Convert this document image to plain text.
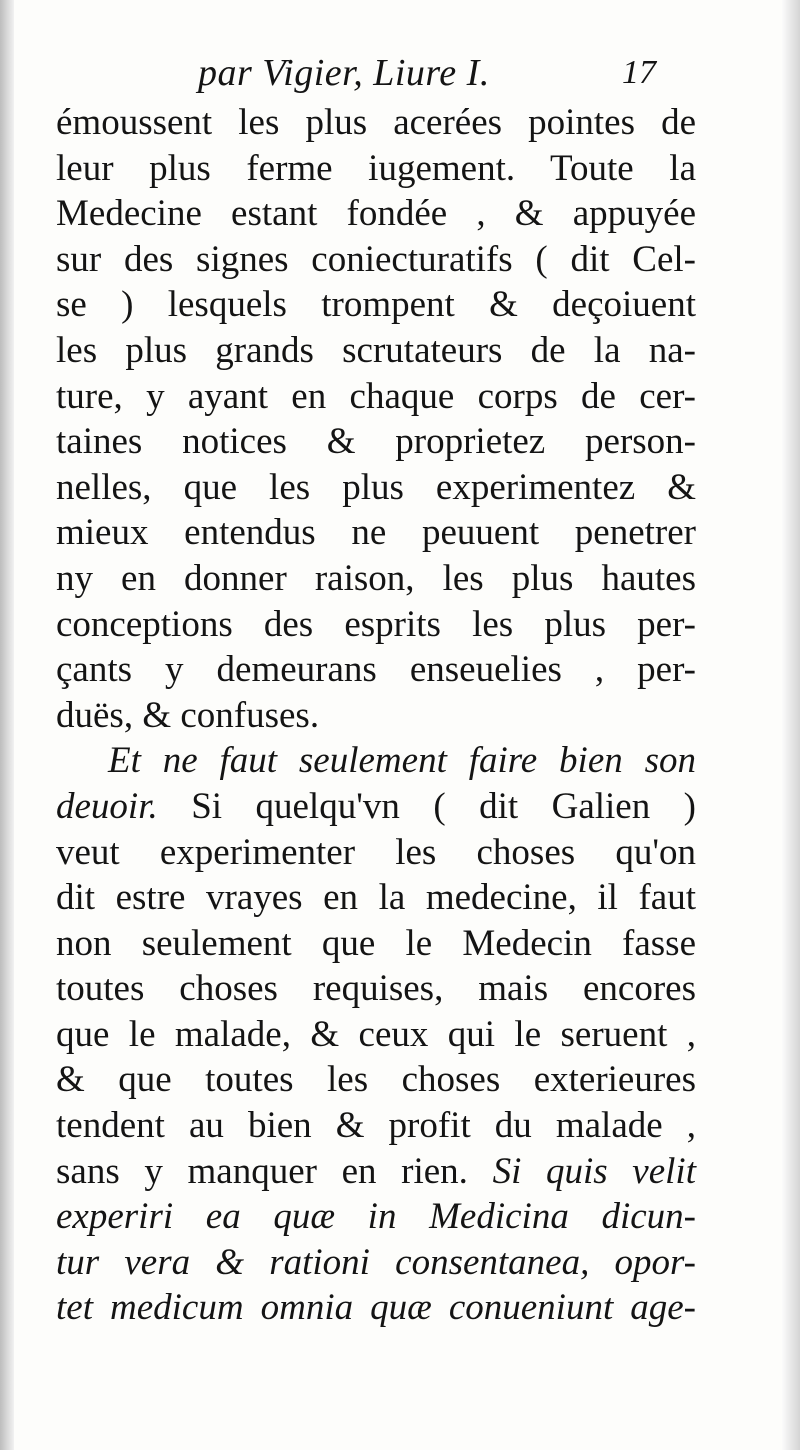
par Vigier, Liure I.	17
émoussent les plus acerées pointes de
leur plus ferme iugement. Toute la
Medecine estant fondée , & appuyée
sur des signes coniecturatifs ( dit Cel-
se ) lesquels trompent & deçoiuent
les plus grands scrutateurs de la na-
ture, y ayant en chaque corps de cer-
taines notices & proprietez person-
nelles, que les plus experimentez &
mieux entendus ne peuuent penetrer
ny en donner raison, les plus hautes
conceptions des esprits les plus per-
çants y demeurans enseuelies , per-
duës, & confuses.
Et ne faut seulement faire bien son
deuoir. Si quelqu'vn ( dit Galien )
veut experimenter les choses qu'on
dit estre vrayes en la medecine, il faut
non seulement que le Medecin fasse
toutes choses requises, mais encores
que le malade, & ceux qui le seruent ,
& que toutes les choses exterieures
tendent au bien & profit du malade ,
sans y manquer en rien. Si quis velit
experiri ea quæ in Medicina dicun-
tur vera & rationi consentanea, opor-
tet medicum omnia quæ conueniunt age-
